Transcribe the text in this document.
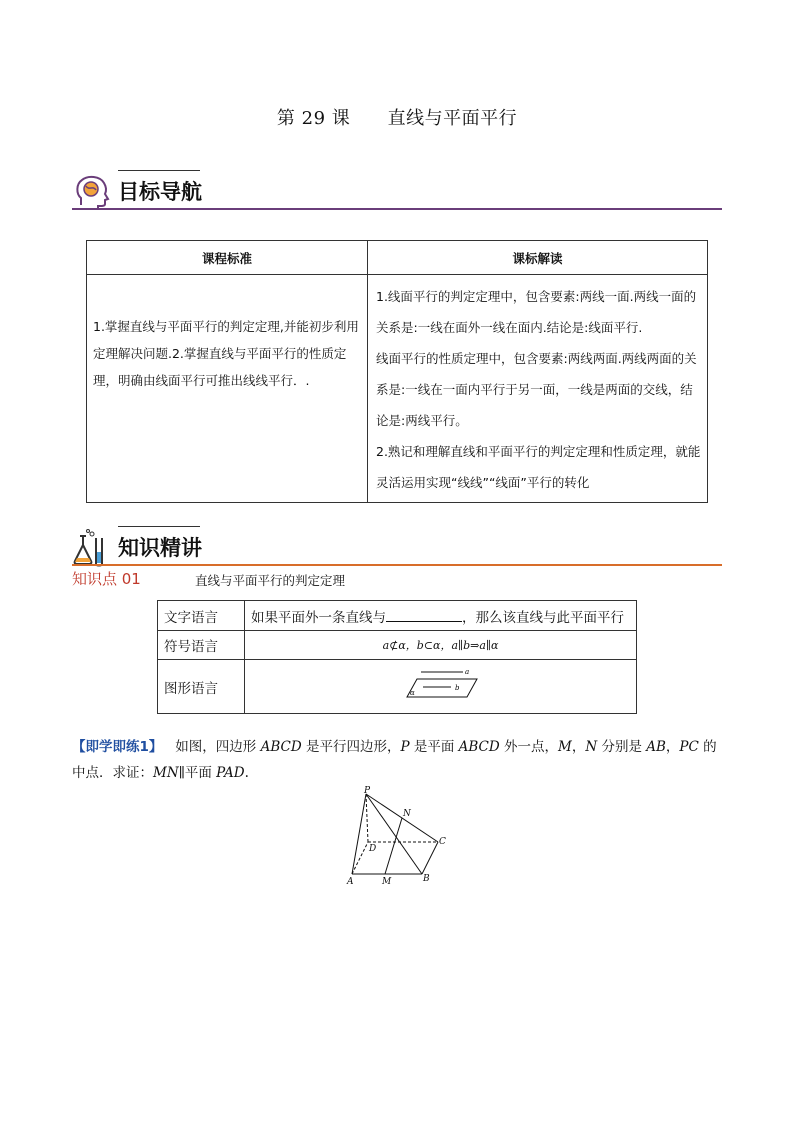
第 29 课      直线与平面平行
目标导航
课程标准	课标解读
1.掌握直线与平面平行的判定定理,并能初步利用定理解决问题.2.掌握直线与平面平行的性质定理，明确由线面平行可推出线线平行．.	1.线面平行的判定定理中，包含要素:两线一面.两线一面的关系是:一线在面外一线在面内.结论是:线面平行.

线面平行的性质定理中，包含要素:两线两面.两线两面的关系是:一线在一面内平行于另一面，一线是两面的交线，结论是:两线平行。

2.熟记和理解直线和平面平行的判定定理和性质定理，就能灵活运用实现“线线”“线面”平行的转化

知识精讲
知识点 01	直线与平面平行的判定定理
文字语言	如果平面外一条直线与 ，那么该直线与此平面平行
符号语言	a⊄α，b⊂α，a∥b⇒a∥α
图形语言	a
b
α
【即学即练1】 如图，四边形 ABCD 是平行四边形，P 是平面 ABCD 外一点，M，N 分别是 AB，PC 的中点．求证：MN∥平面 PAD.
P
N
C
D
A	M	B
